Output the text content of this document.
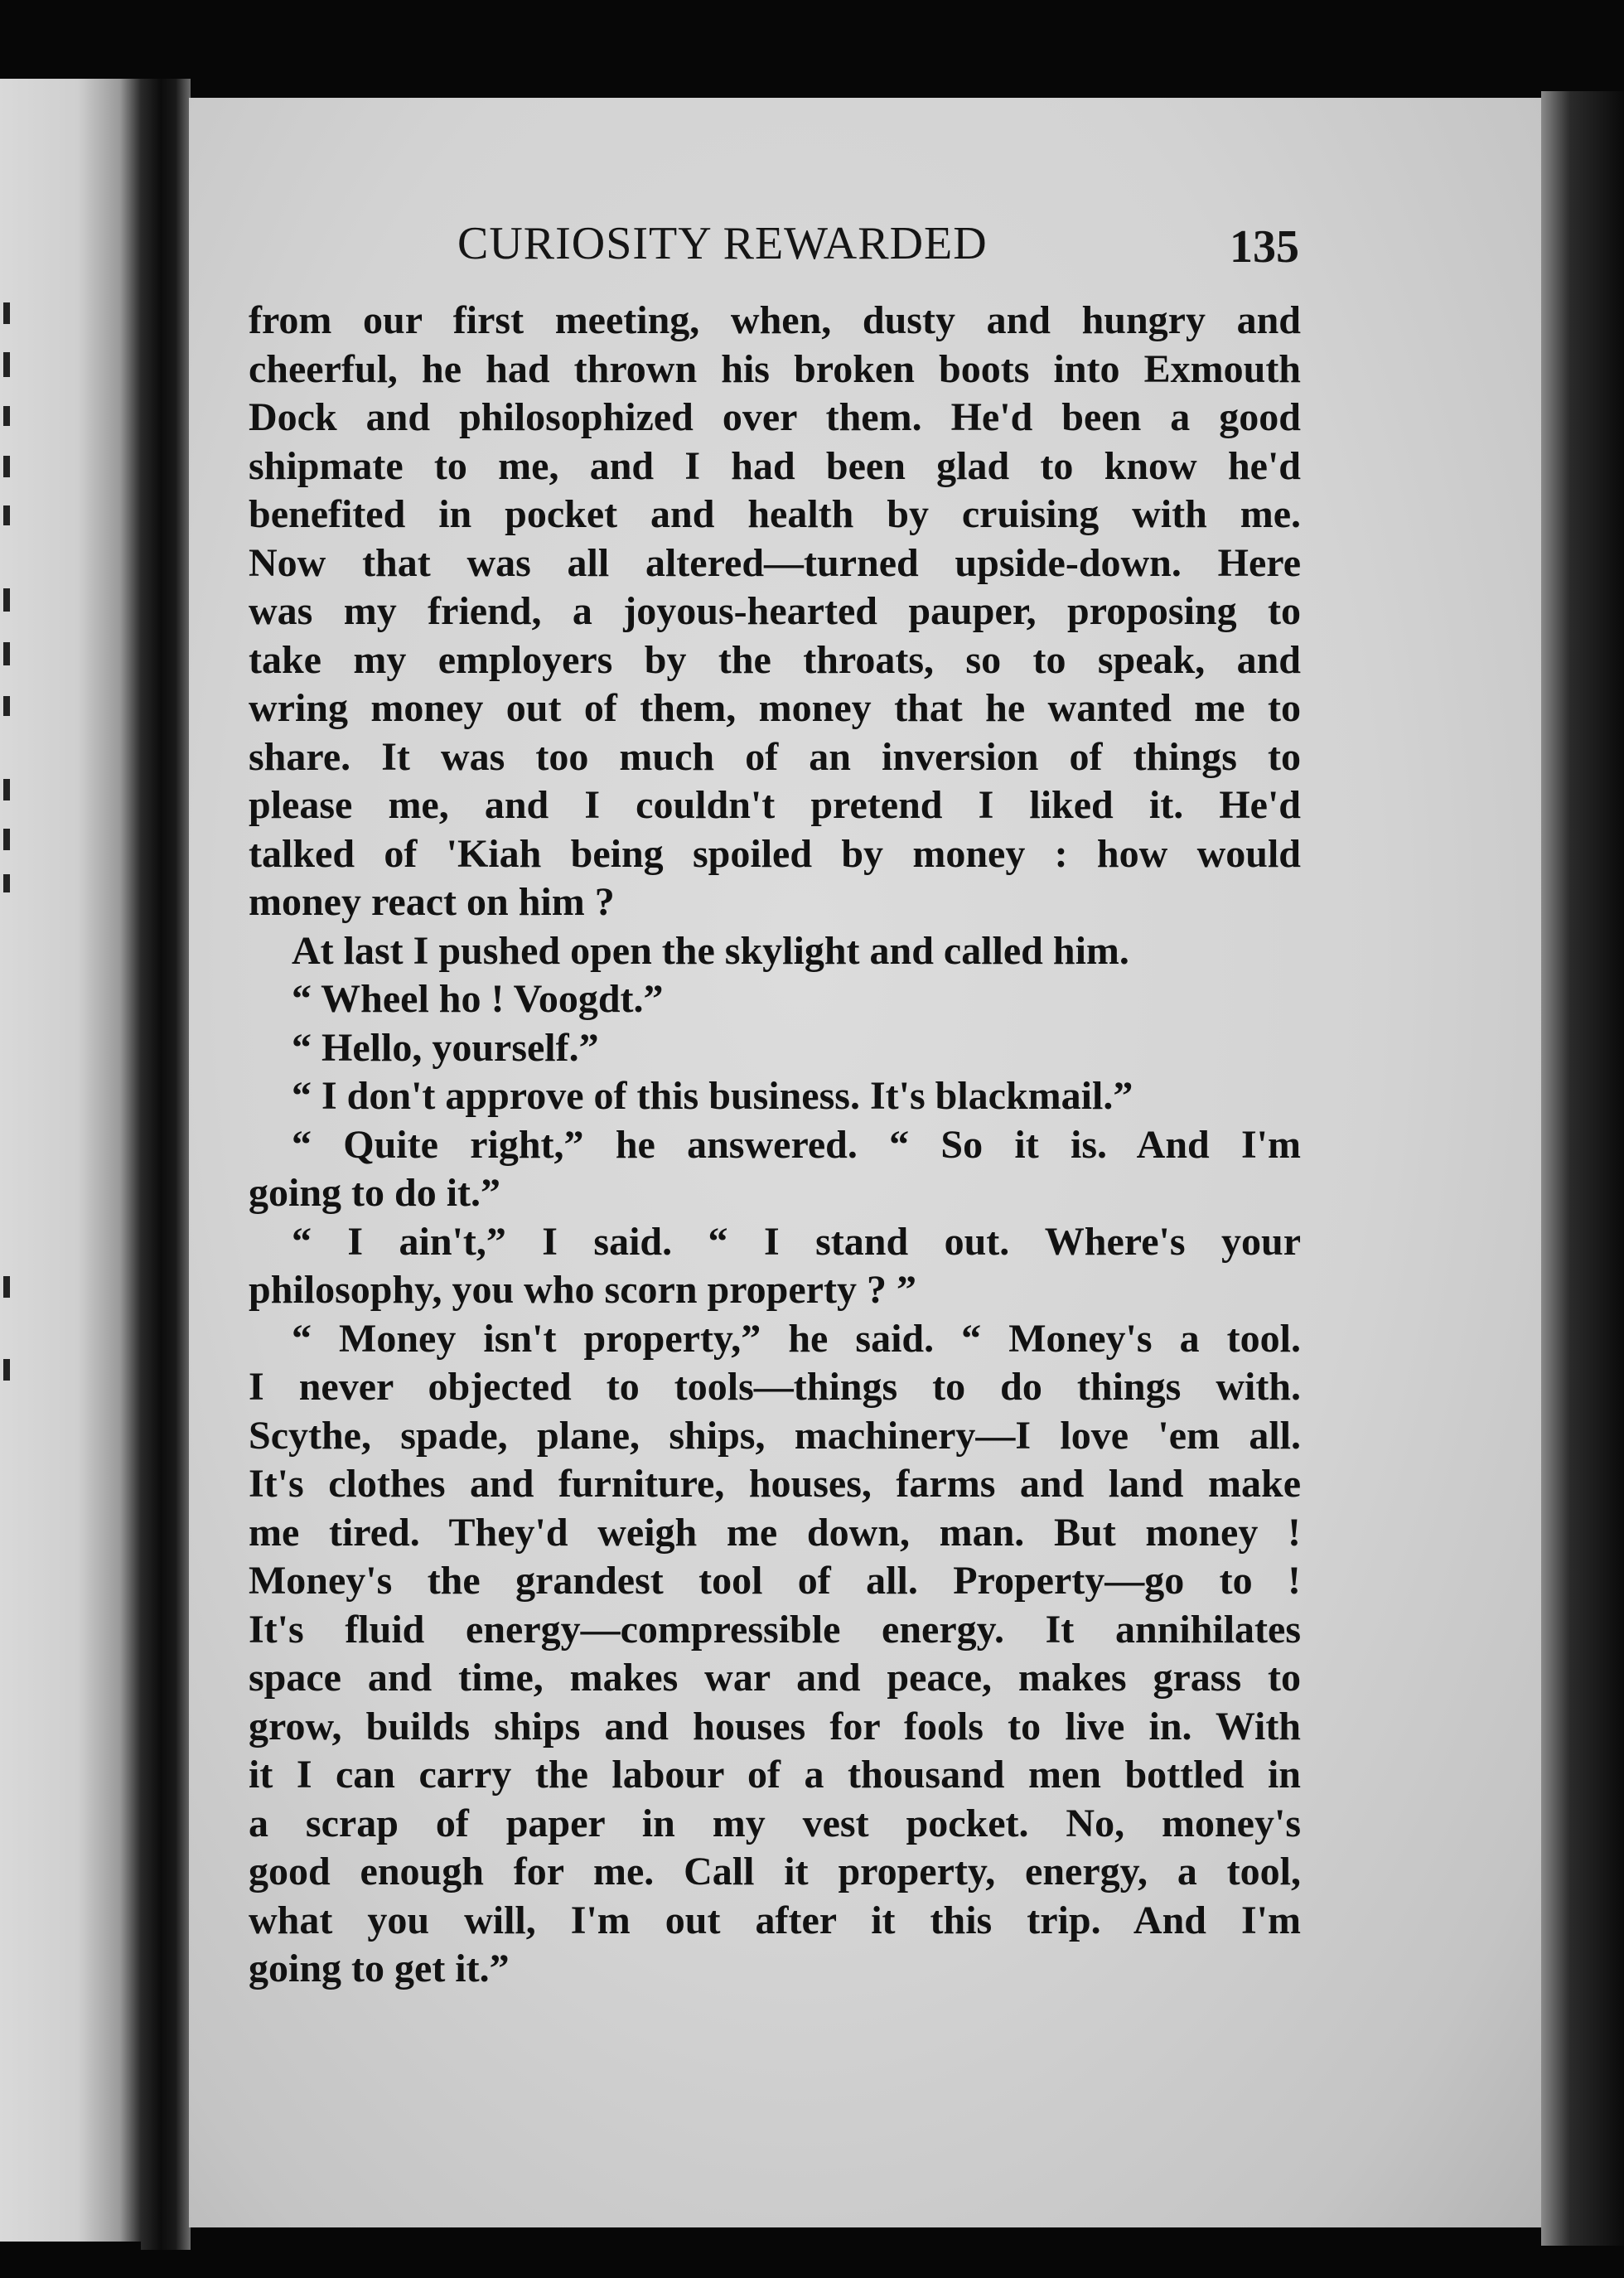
CURIOSITY REWARDED	135
from our first meeting, when, dusty and hungry and
cheerful, he had thrown his broken boots into Exmouth
Dock and philosophized over them. He'd been a good
shipmate to me, and I had been glad to know he'd
benefited in pocket and health by cruising with me.
Now that was all altered—turned upside-down. Here
was my friend, a joyous-hearted pauper, proposing to
take my employers by the throats, so to speak, and
wring money out of them, money that he wanted me to
share. It was too much of an inversion of things to
please me, and I couldn't pretend I liked it. He'd
talked of 'Kiah being spoiled by money : how would
money react on him ?
At last I pushed open the skylight and called him.
“ Wheel ho ! Voogdt.”
“ Hello, yourself.”
“ I don't approve of this business. It's blackmail.”
“ Quite right,” he answered. “ So it is. And I'm
going to do it.”
“ I ain't,” I said. “ I stand out. Where's your
philosophy, you who scorn property ? ”
“ Money isn't property,” he said. “ Money's a tool.
I never objected to tools—things to do things with.
Scythe, spade, plane, ships, machinery—I love 'em all.
It's clothes and furniture, houses, farms and land make
me tired. They'd weigh me down, man. But money !
Money's the grandest tool of all. Property—go to !
It's fluid energy—compressible energy. It annihilates
space and time, makes war and peace, makes grass to
grow, builds ships and houses for fools to live in. With
it I can carry the labour of a thousand men bottled in
a scrap of paper in my vest pocket. No, money's
good enough for me. Call it property, energy, a tool,
what you will, I'm out after it this trip. And I'm
going to get it.”
